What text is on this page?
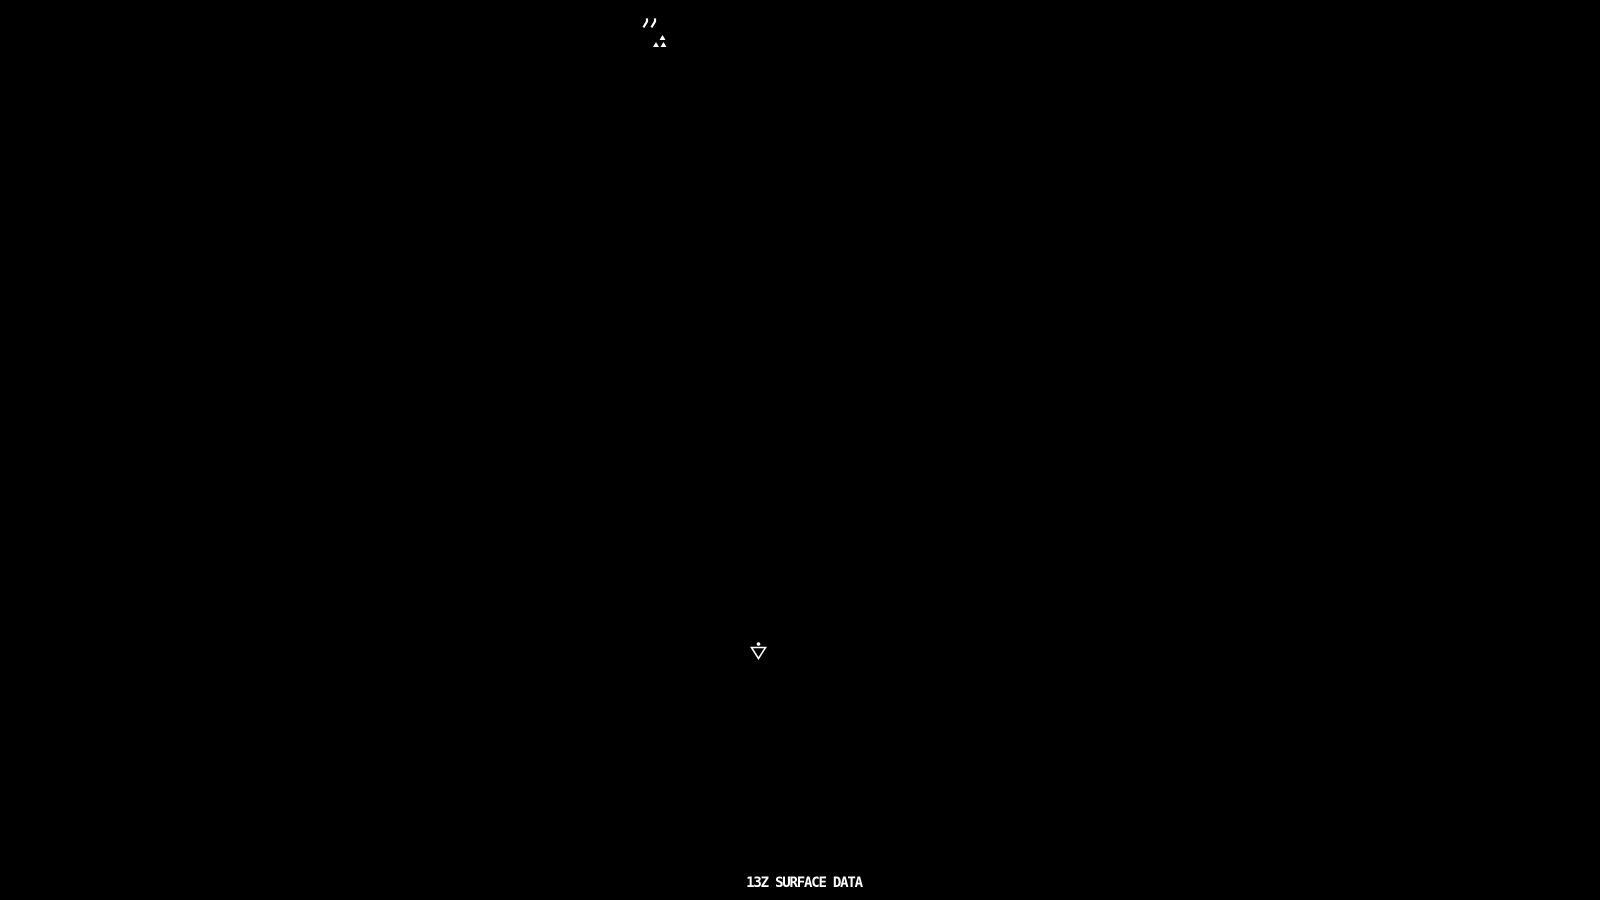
13Z SURFACE DATA
